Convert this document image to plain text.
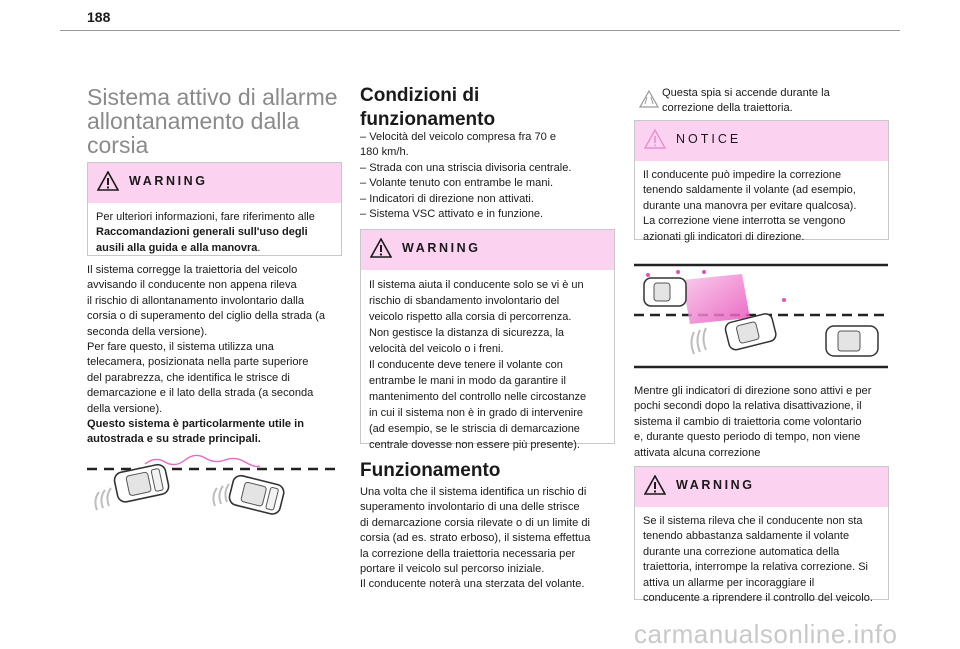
188
Sistema attivo di allarme
allontanamento dalla
corsia
WARNING
Per ulteriori informazioni, fare riferimento alle Raccomandazioni generali sull'uso degli ausili alla guida e alla manovra.
Il sistema corregge la traiettoria del veicolo
avvisando il conducente non appena rileva
il rischio di allontanamento involontario dalla
corsia o di superamento del ciglio della strada (a
seconda della versione).
Per fare questo, il sistema utilizza una
telecamera, posizionata nella parte superiore
del parabrezza, che identifica le strisce di
demarcazione e il lato della strada (a seconda
della versione).
Questo sistema è particolarmente utile in
autostrada e su strade principali.
Condizioni di
funzionamento
– Velocità del veicolo compresa fra 70 e
180 km/h.
– Strada con una striscia divisoria centrale.
– Volante tenuto con entrambe le mani.
– Indicatori di direzione non attivati.
– Sistema VSC attivato e in funzione.
WARNING
Il sistema aiuta il conducente solo se vi è un
rischio di sbandamento involontario del
veicolo rispetto alla corsia di percorrenza.
Non gestisce la distanza di sicurezza, la
velocità del veicolo o i freni.
Il conducente deve tenere il volante con
entrambe le mani in modo da garantire il
mantenimento del controllo nelle circostanze
in cui il sistema non è in grado di intervenire
(ad esempio, se le striscia di demarcazione
centrale dovesse non essere più presente).
Funzionamento
Una volta che il sistema identifica un rischio di
superamento involontario di una delle strisce
di demarcazione corsia rilevate o di un limite di
corsia (ad es. strato erboso), il sistema effettua
la correzione della traiettoria necessaria per
portare il veicolo sul percorso iniziale.
Il conducente noterà una sterzata del volante.
Questa spia si accende durante la
correzione della traiettoria.
NOTICE
Il conducente può impedire la correzione
tenendo saldamente il volante (ad esempio,
durante una manovra per evitare qualcosa).
La correzione viene interrotta se vengono
azionati gli indicatori di direzione.
Mentre gli indicatori di direzione sono attivi e per
pochi secondi dopo la relativa disattivazione, il
sistema il cambio di traiettoria come volontario
e, durante questo periodo di tempo, non viene
attivata alcuna correzione
WARNING
Se il sistema rileva che il conducente non sta
tenendo abbastanza saldamente il volante
durante una correzione automatica della
traiettoria, interrompe la relativa correzione. Si
attiva un allarme per incoraggiare il
conducente a riprendere il controllo del veicolo.
carmanualsonline.info
